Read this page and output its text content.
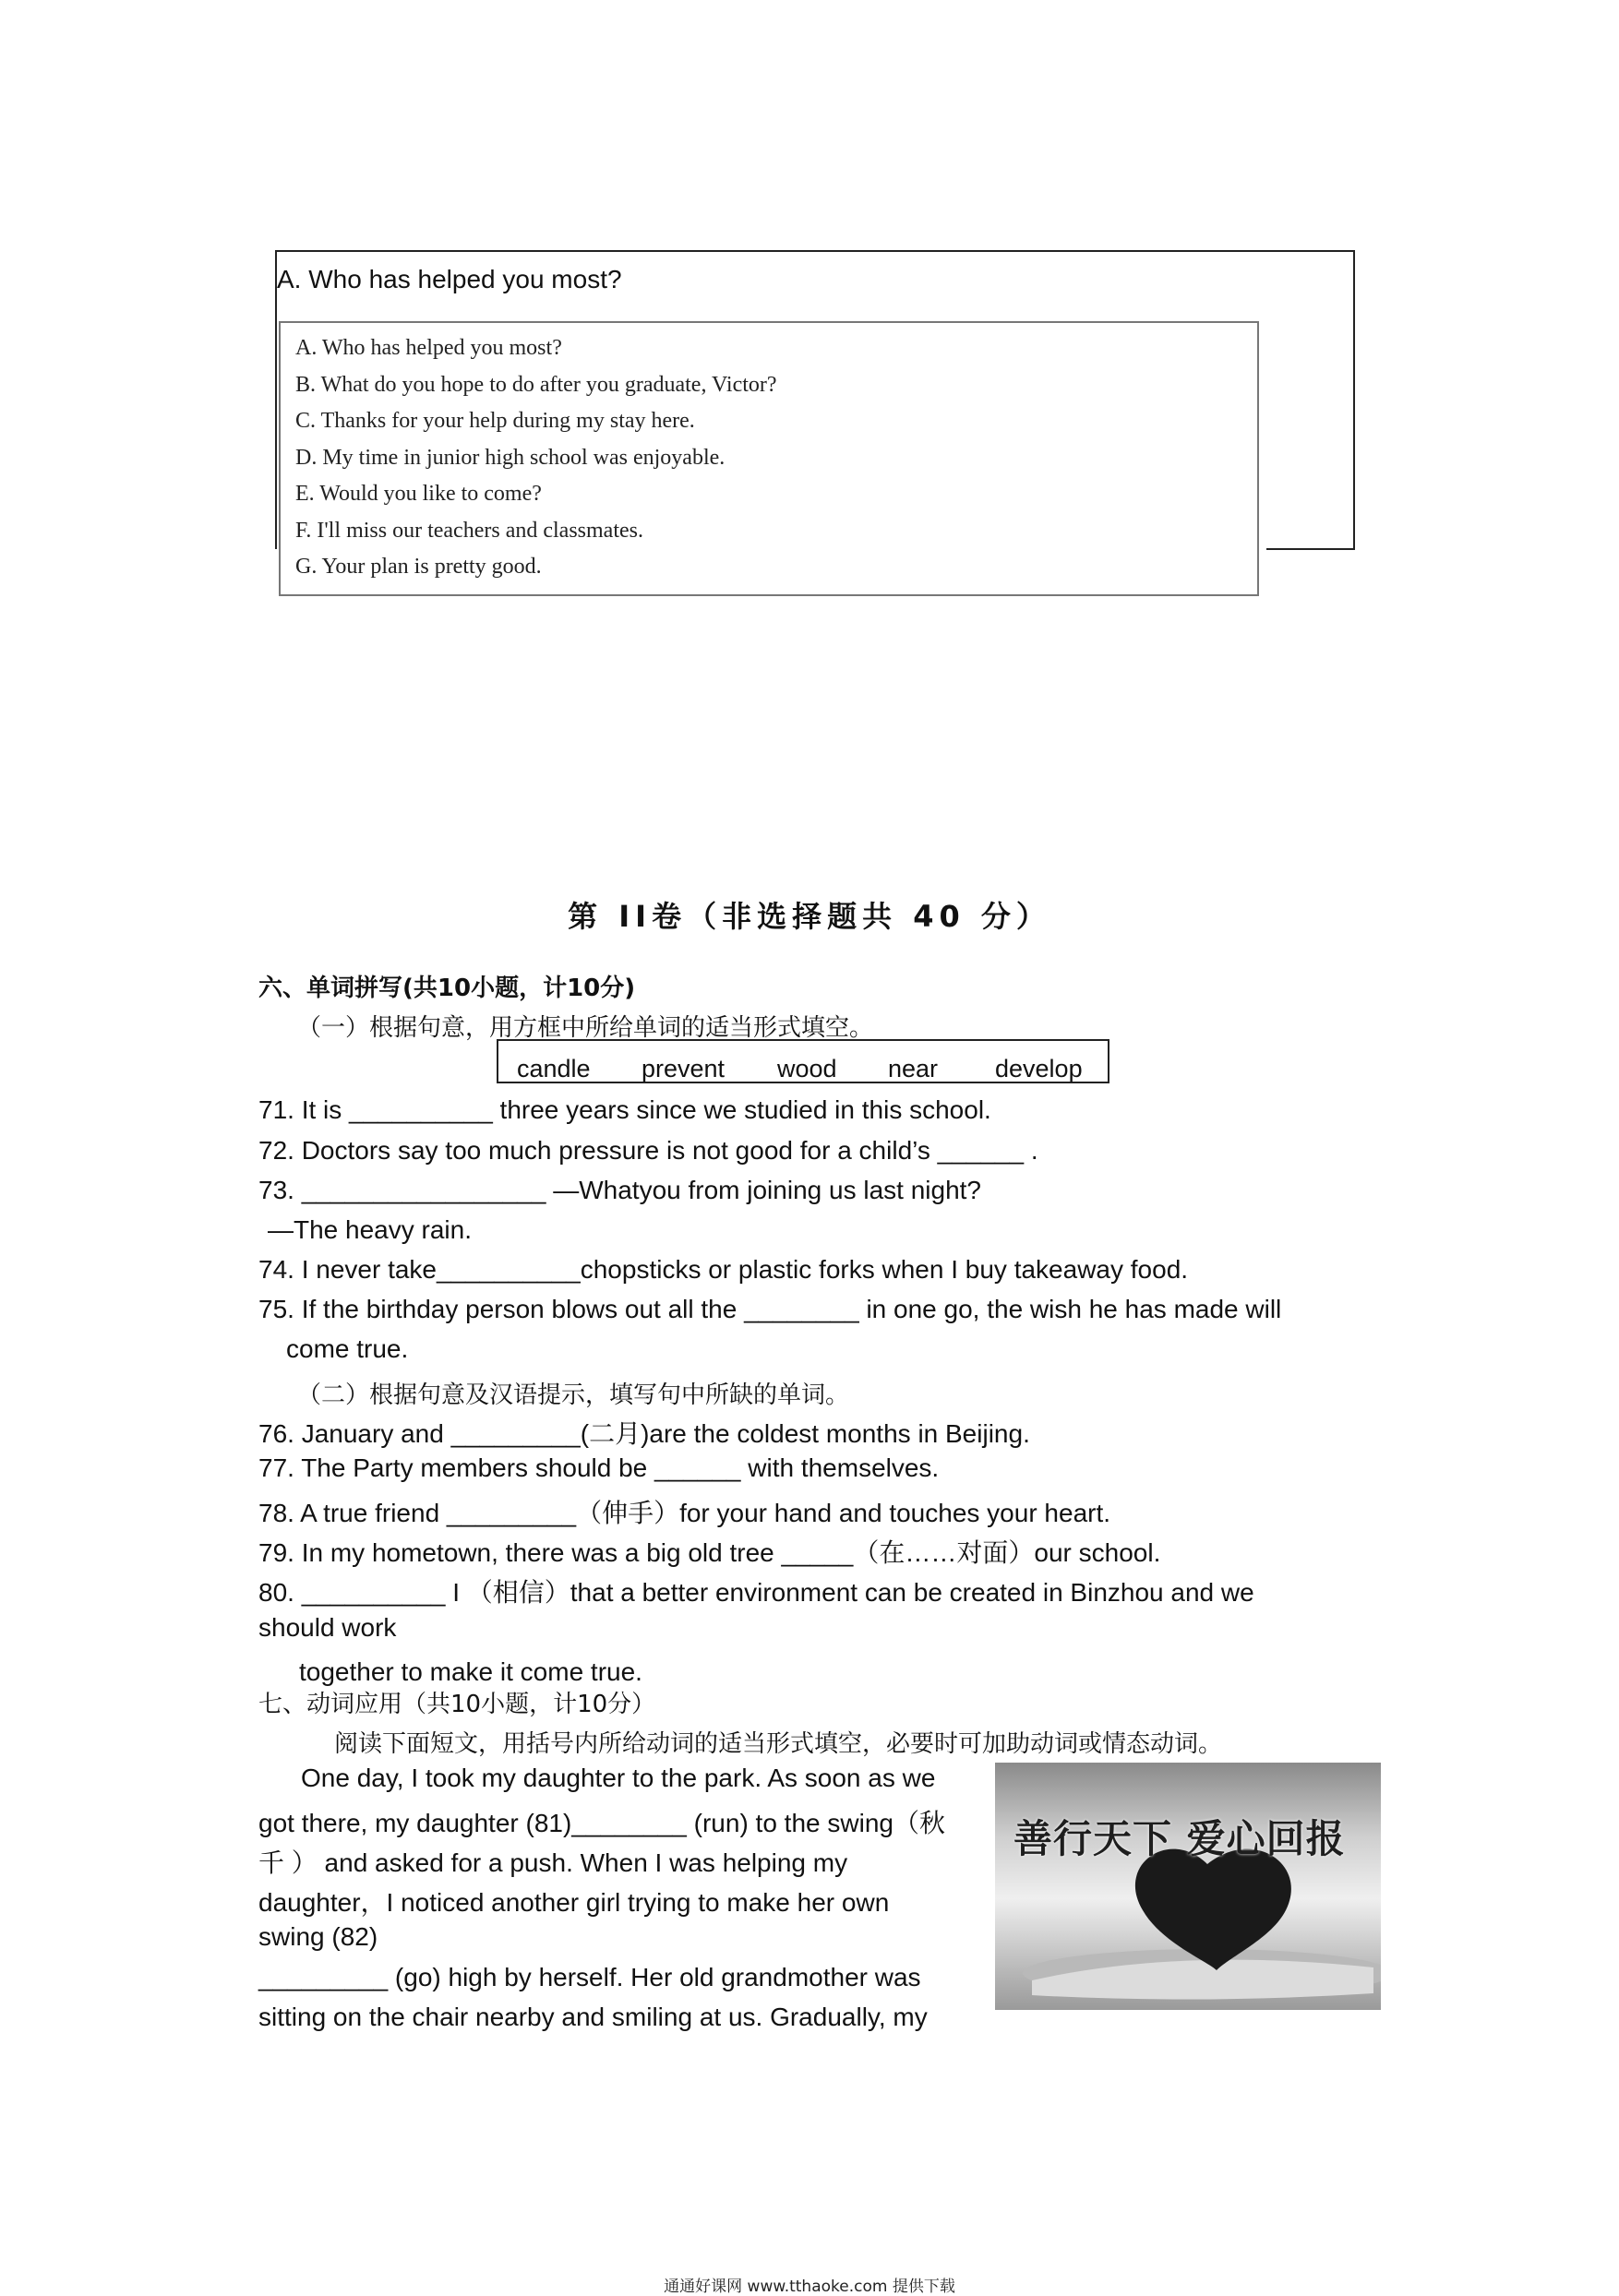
A. Who has helped you most?
A. Who has helped you most?
B. What do you hope to do after you graduate, Victor?
C. Thanks for your help during my stay here.
D. My time in junior high school was enjoyable.
E. Would you like to come?
F. I'll miss our teachers and classmates.
G. Your plan is pretty good.
第 II卷（非选择题共 40 分）
六、单词拼写(共10小题，计10分)
（一）根据句意，用方框中所给单词的适当形式填空。
candle prevent wood near develop
71. It is __________ three years since we studied in this school.
72. Doctors say too much pressure is not good for a child’s ______ .
73. _________________ —Whatyou from joining us last night?
—The heavy rain.
74. I never take__________chopsticks or plastic forks when I buy takeaway food.
75. If the birthday person blows out all the ________ in one go, the wish he has made will
come true.
（二）根据句意及汉语提示，填写句中所缺的单词。
76. January and _________(二月)are the coldest months in Beijing.
77. The Party members should be ______ with themselves.
78. A true friend _________（伸手）for your hand and touches your heart.
79. In my hometown, there was a big old tree _____（在……对面）our school.
80. __________ I （相信）that a better environment can be created in Binzhou and we
should work
together to make it come true.
七、动词应用（共10小题，计10分）
阅读下面短文，用括号内所给动词的适当形式填空，必要时可加助动词或情态动词。
One day, I took my daughter to the park. As soon as we
got there, my daughter (81)________ (run) to the swing（秋
千 ） and asked for a push. When I was helping my
daughter，I noticed another girl trying to make her own
swing (82)
_________ (go) high by herself. Her old grandmother was
sitting on the chair nearby and smiling at us. Gradually, my
善行天下 爱心回报
通通好课网 www.tthaoke.com 提供下载
